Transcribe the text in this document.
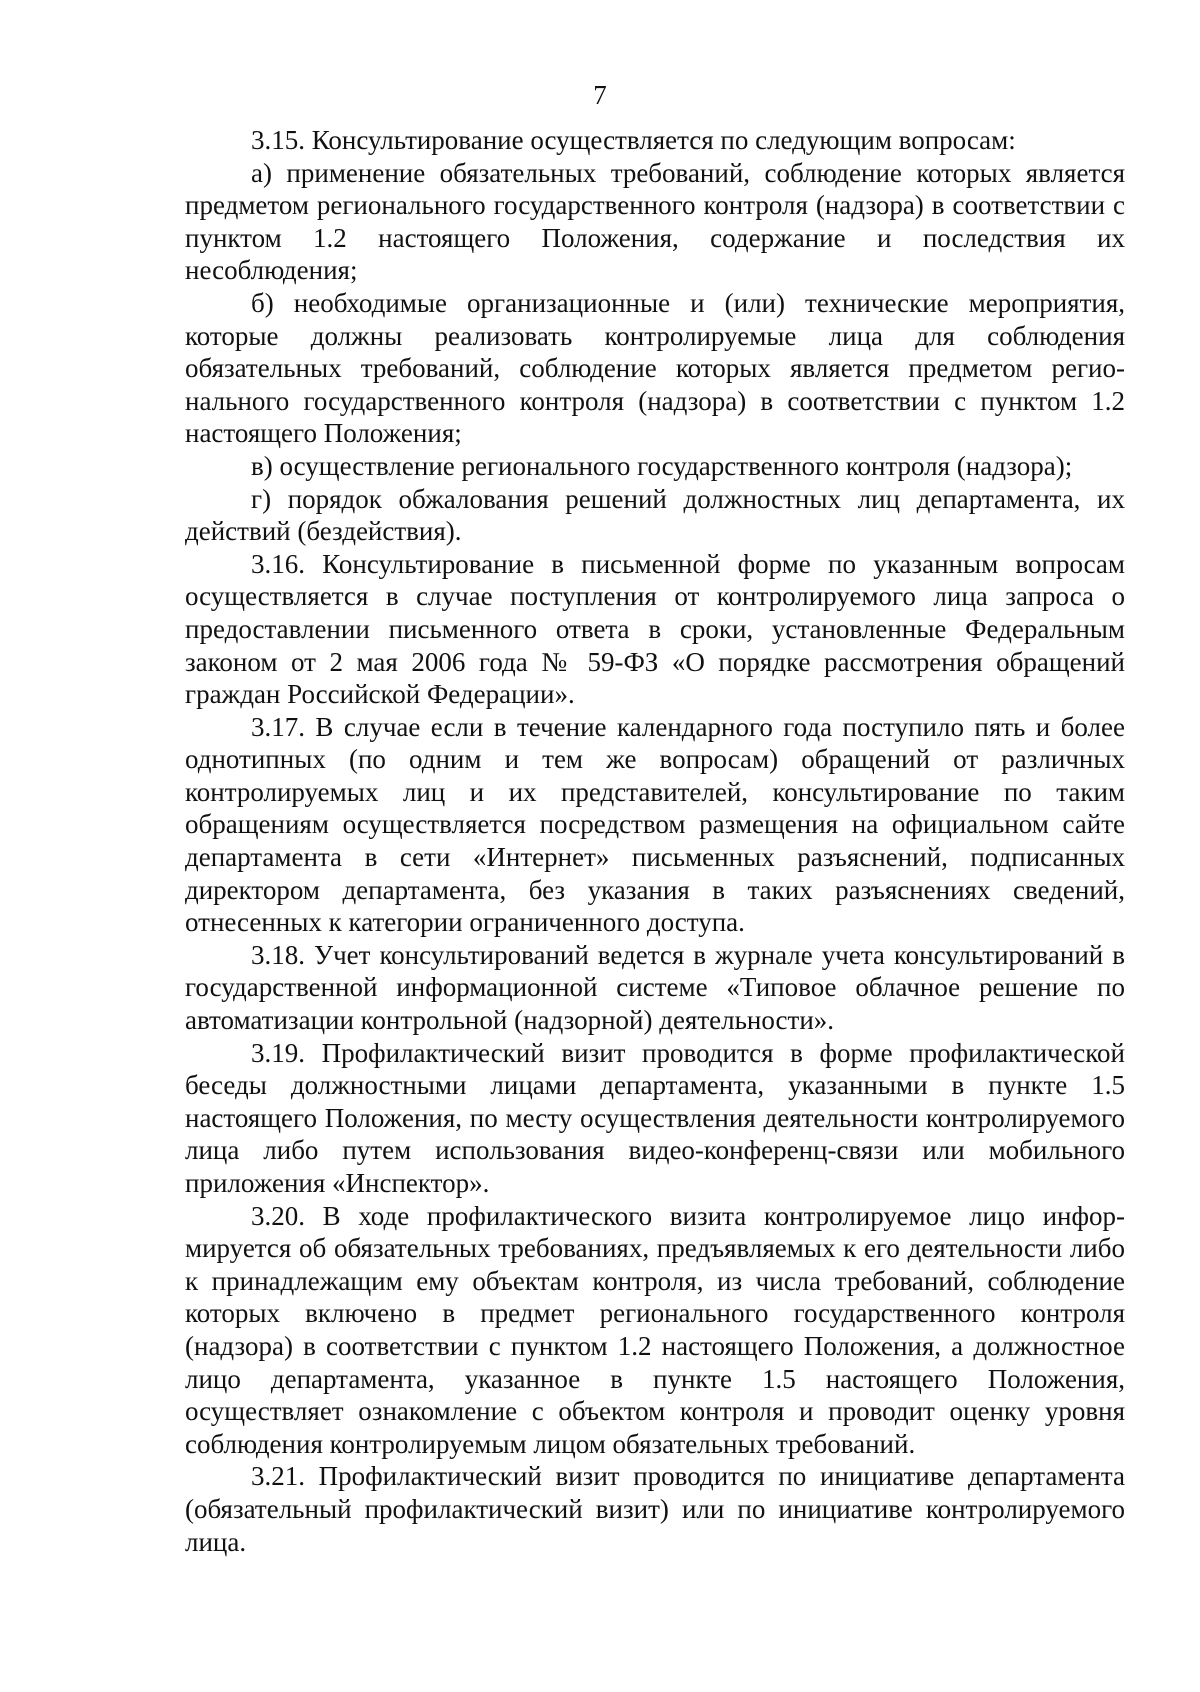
7

3.15. Консультирование осуществляется по следующим вопросам:

а) применение обязательных требований, соблюдение которых является предметом регионального государственного контроля (надзора) в соответствии с пунктом 1.2 настоящего Положения, содержание и последствия их несоблюдения;

б) необходимые организационные и (или) технические мероприятия, которые должны реализовать контролируемые лица для соблюдения обязательных требований, соблюдение которых является предметом регионального государственного контроля (надзора) в соответствии с пунктом 1.2 настоящего Положения;

в) осуществление регионального государственного контроля (надзора);

г) порядок обжалования решений должностных лиц департамента, их действий (бездействия).

3.16. Консультирование в письменной форме по указанным вопросам осуществляется в случае поступления от контролируемого лица запроса о предоставлении письменного ответа в сроки, установленные Федеральным законом от 2 мая 2006 года № 59-ФЗ «О порядке рассмотрения обращений граждан Российской Федерации».

3.17. В случае если в течение календарного года поступило пять и более однотипных (по одним и тем же вопросам) обращений от различных контролируемых лиц и их представителей, консультирование по таким обращениям осуществляется посредством размещения на официальном сайте департамента в сети «Интернет» письменных разъяснений, подписанных директором департамента, без указания в таких разъяснениях сведений, отнесенных к категории ограниченного доступа.

3.18. Учет консультирований ведется в журнале учета консультирований в государственной информационной системе «Типовое облачное решение по автоматизации контрольной (надзорной) деятельности».

3.19. Профилактический визит проводится в форме профилактической беседы должностными лицами департамента, указанными в пункте 1.5 настоящего Положения, по месту осуществления деятельности контролируемого лица либо путем использования видео-конференц-связи или мобильного приложения «Инспектор».

3.20. В ходе профилактического визита контролируемое лицо информируется об обязательных требованиях, предъявляемых к его деятельности либо к принадлежащим ему объектам контроля, из числа требований, соблюдение которых включено в предмет регионального государственного контроля (надзора) в соответствии с пунктом 1.2 настоящего Положения, а должностное лицо департамента, указанное в пункте 1.5 настоящего Положения, осуществляет ознакомление с объектом контроля и проводит оценку уровня соблюдения контролируемым лицом обязательных требований.

3.21. Профилактический визит проводится по инициативе департамента (обязательный профилактический визит) или по инициативе контролируемого лица.
